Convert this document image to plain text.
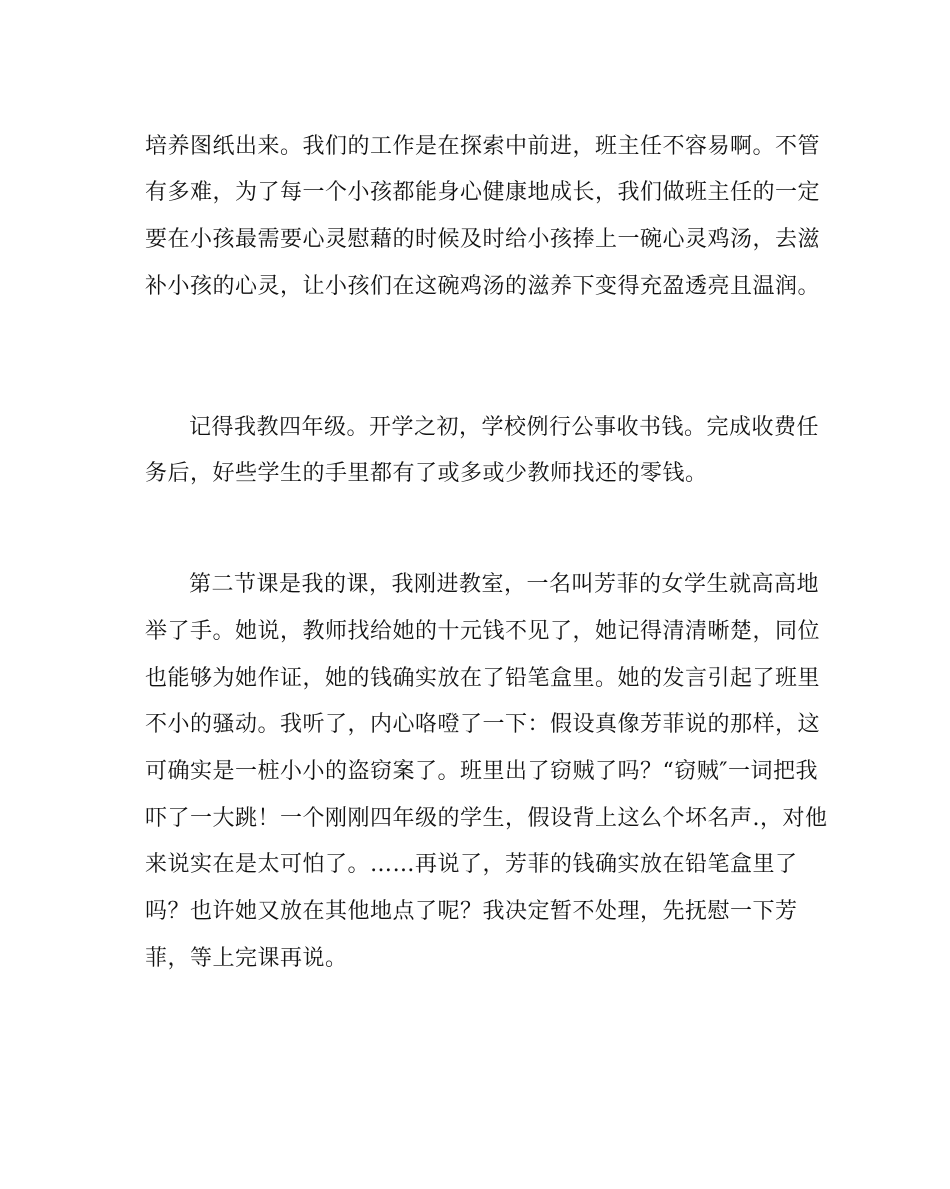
培养图纸出来。我们的工作是在探索中前进，班主任不容易啊。不管
有多难，为了每一个小孩都能身心健康地成长，我们做班主任的一定
要在小孩最需要心灵慰藉的时候及时给小孩捧上一碗心灵鸡汤，去滋
补小孩的心灵，让小孩们在这碗鸡汤的滋养下变得充盈透亮且温润。
记得我教四年级。开学之初，学校例行公事收书钱。完成收费任
务后，好些学生的手里都有了或多或少教师找还的零钱。
第二节课是我的课，我刚进教室，一名叫芳菲的女学生就高高地
举了手。她说，教师找给她的十元钱不见了，她记得清清晰楚，同位
也能够为她作证，她的钱确实放在了铅笔盒里。她的发言引起了班里
不小的骚动。我听了，内心咯噔了一下：假设真像芳菲说的那样，这
可确实是一桩小小的盗窃案了。班里出了窃贼了吗？“窃贼″一词把我
吓了一大跳！一个刚刚四年级的学生，假设背上这么个坏名声.，对他
来说实在是太可怕了。……再说了，芳菲的钱确实放在铅笔盒里了
吗？也许她又放在其他地点了呢？我决定暂不处理，先抚慰一下芳
菲，等上完课再说。
